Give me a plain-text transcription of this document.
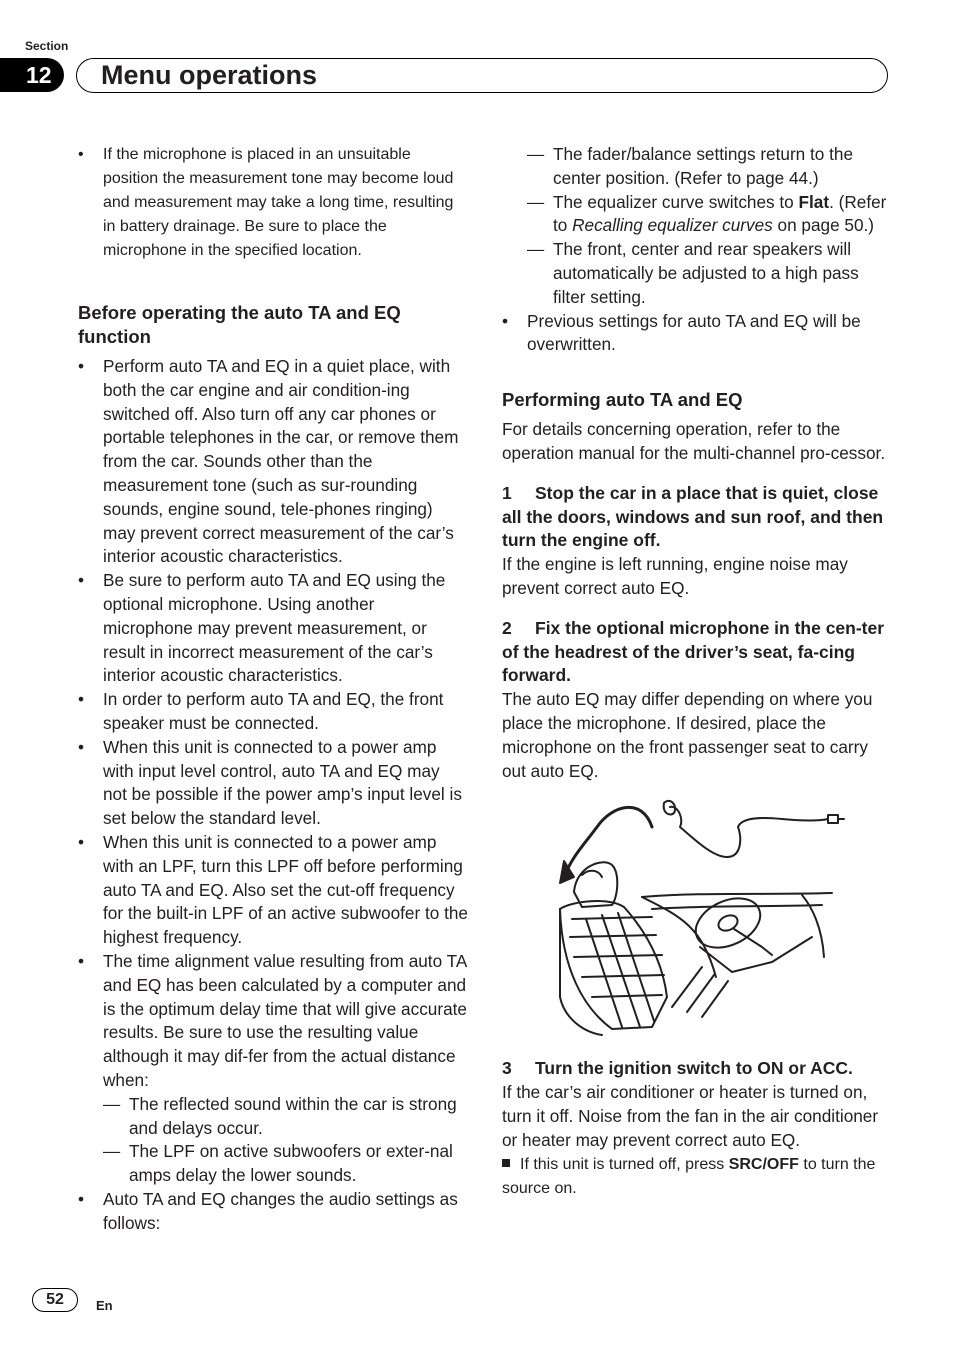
Section
12	Menu operations
• If the microphone is placed in an unsuitable position the measurement tone may become loud and measurement may take a long time, resulting in battery drainage. Be sure to place the microphone in the specified location.
Before operating the auto TA and EQ function
• Perform auto TA and EQ in a quiet place, with both the car engine and air condition-ing switched off. Also turn off any car phones or portable telephones in the car, or remove them from the car. Sounds other than the measurement tone (such as sur-rounding sounds, engine sound, tele-phones ringing) may prevent correct measurement of the car’s interior acoustic characteristics.
• Be sure to perform auto TA and EQ using the optional microphone. Using another microphone may prevent measurement, or result in incorrect measurement of the car’s interior acoustic characteristics.
• In order to perform auto TA and EQ, the front speaker must be connected.
• When this unit is connected to a power amp with input level control, auto TA and EQ may not be possible if the power amp’s input level is set below the standard level.
• When this unit is connected to a power amp with an LPF, turn this LPF off before performing auto TA and EQ. Also set the cut-off frequency for the built-in LPF of an active subwoofer to the highest frequency.
• The time alignment value resulting from auto TA and EQ has been calculated by a computer and is the optimum delay time that will give accurate results. Be sure to use the resulting value although it may dif-fer from the actual distance when:
— The reflected sound within the car is strong and delays occur.
— The LPF on active subwoofers or exter-nal amps delay the lower sounds.
• Auto TA and EQ changes the audio settings as follows:
— The fader/balance settings return to the center position. (Refer to page 44.)
— The equalizer curve switches to Flat. (Refer to Recalling equalizer curves on page 50.)
— The front, center and rear speakers will automatically be adjusted to a high pass filter setting.
• Previous settings for auto TA and EQ will be overwritten.
Performing auto TA and EQ
For details concerning operation, refer to the operation manual for the multi-channel pro-cessor.
1 Stop the car in a place that is quiet, close all the doors, windows and sun roof, and then turn the engine off.
If the engine is left running, engine noise may prevent correct auto EQ.
2 Fix the optional microphone in the cen-ter of the headrest of the driver’s seat, fa-cing forward.
The auto EQ may differ depending on where you place the microphone. If desired, place the microphone on the front passenger seat to carry out auto EQ.
3 Turn the ignition switch to ON or ACC.
If the car’s air conditioner or heater is turned on, turn it off. Noise from the fan in the air conditioner or heater may prevent correct auto EQ.
If this unit is turned off, press SRC/OFF to turn the source on.
52	En
